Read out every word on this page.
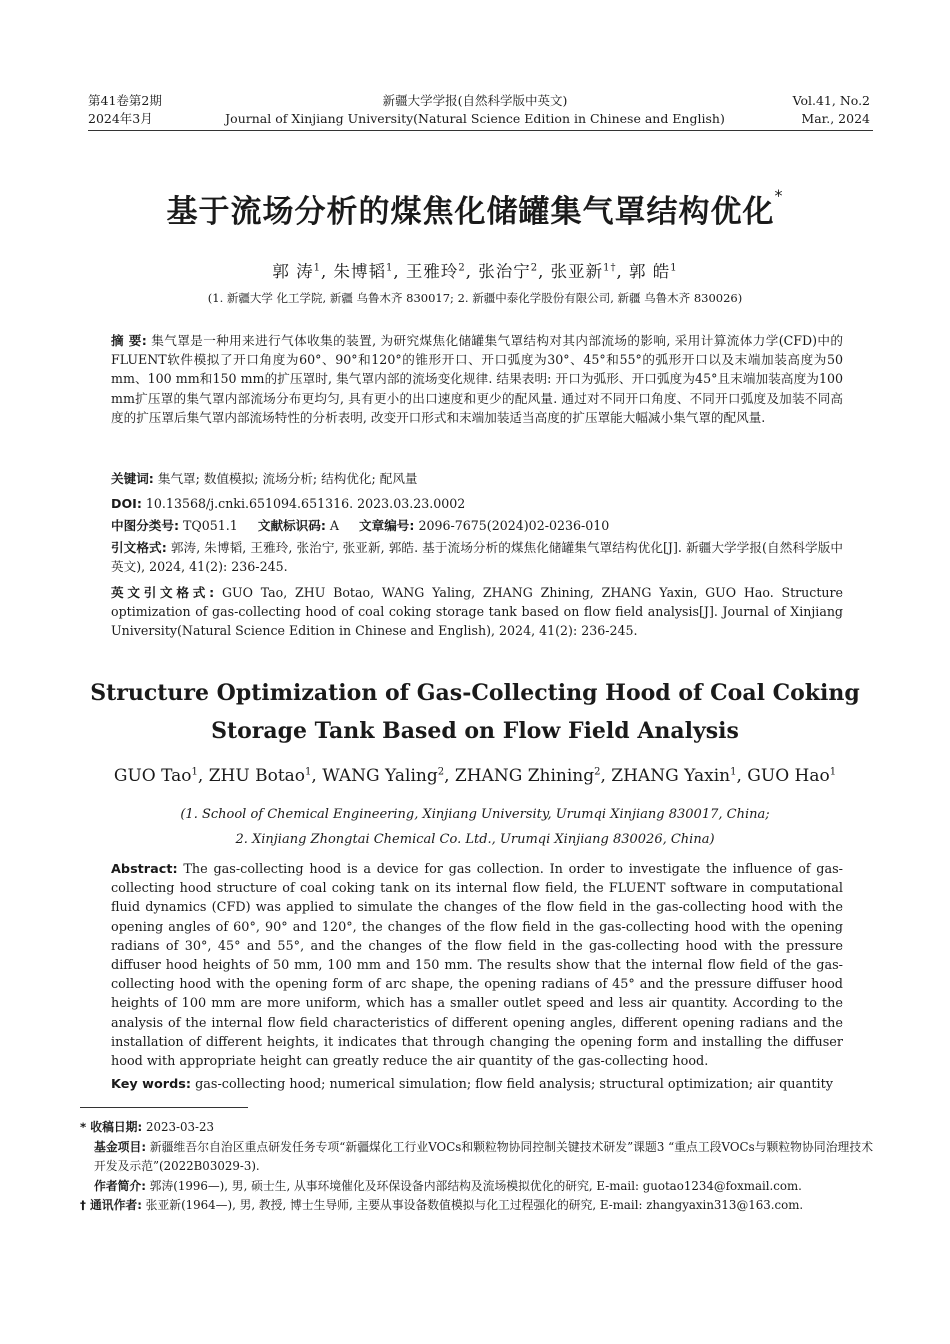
第41卷第2期
2024年3月
新疆大学学报(自然科学版中英文)
Journal of Xinjiang University(Natural Science Edition in Chinese and English)
Vol.41, No.2
Mar., 2024
基于流场分析的煤焦化储罐集气罩结构优化*
郭 涛$^1$, 朱博韬$^1$, 王雅玲$^2$, 张治宁$^2$, 张亚新$^{1\dagger}$, 郭 皓$^1$
(1. 新疆大学 化工学院, 新疆 乌鲁木齐 830017; 2. 新疆中泰化学股份有限公司, 新疆 乌鲁木齐 830026)
摘 要: 集气罩是一种用来进行气体收集的装置, 为研究煤焦化储罐集气罩结构对其内部流场的影响, 采用计算流体力学(CFD)中的FLUENT软件模拟了开口角度为60°、90°和120°的锥形开口、开口弧度为30°、45°和55°的弧形开口以及末端加装高度为50 mm、100 mm和150 mm的扩压罩时, 集气罩内部的流场变化规律. 结果表明: 开口为弧形、开口弧度为45°且末端加装高度为100 mm扩压罩的集气罩内部流场分布更均匀, 具有更小的出口速度和更少的配风量. 通过对不同开口角度、不同开口弧度及加装不同高度的扩压罩后集气罩内部流场特性的分析表明, 改变开口形式和末端加装适当高度的扩压罩能大幅减小集气罩的配风量.
关键词: 集气罩; 数值模拟; 流场分析; 结构优化; 配风量
DOI: 10.13568/j.cnki.651094.651316. 2023.03.23.0002
中图分类号: TQ051.1 文献标识码: A 文章编号: 2096-7675(2024)02-0236-010
引文格式: 郭涛, 朱博韬, 王雅玲, 张治宁, 张亚新, 郭皓. 基于流场分析的煤焦化储罐集气罩结构优化[J]. 新疆大学学报(自然科学版中英文), 2024, 41(2): 236-245.
英文引文格式: GUO Tao, ZHU Botao, WANG Yaling, ZHANG Zhining, ZHANG Yaxin, GUO Hao. Structure optimization of gas-collecting hood of coal coking storage tank based on flow field analysis[J]. Journal of Xinjiang University(Natural Science Edition in Chinese and English), 2024, 41(2): 236-245.
Structure Optimization of Gas-Collecting Hood of Coal Coking
Storage Tank Based on Flow Field Analysis
GUO Tao$^1$, ZHU Botao$^1$, WANG Yaling$^2$, ZHANG Zhining$^2$, ZHANG Yaxin$^1$, GUO Hao$^1$
(1. School of Chemical Engineering, Xinjiang University, Urumqi Xinjiang 830017, China;
2. Xinjiang Zhongtai Chemical Co. Ltd., Urumqi Xinjiang 830026, China)
Abstract: The gas-collecting hood is a device for gas collection. In order to investigate the influence of gas-collecting hood structure of coal coking tank on its internal flow field, the FLUENT software in computational fluid dynamics (CFD) was applied to simulate the changes of the flow field in the gas-collecting hood with the opening angles of 60°, 90° and 120°, the changes of the flow field in the gas-collecting hood with the opening radians of 30°, 45° and 55°, and the changes of the flow field in the gas-collecting hood with the pressure diffuser hood heights of 50 mm, 100 mm and 150 mm. The results show that the internal flow field of the gas-collecting hood with the opening form of arc shape, the opening radians of 45° and the pressure diffuser hood heights of 100 mm are more uniform, which has a smaller outlet speed and less air quantity. According to the analysis of the internal flow field characteristics of different opening angles, different opening radians and the installation of different heights, it indicates that through changing the opening form and installing the diffuser hood with appropriate height can greatly reduce the air quantity of the gas-collecting hood.
Key words: gas-collecting hood; numerical simulation; flow field analysis; structural optimization; air quantity

* 收稿日期: 2023-03-23

基金项目: 新疆维吾尔自治区重点研发任务专项“新疆煤化工行业VOCs和颗粒物协同控制关键技术研发”课题3 “重点工段VOCs与颗粒物协同治理技术开发及示范”(2022B03029-3).

作者简介: 郭涛(1996—), 男, 硕士生, 从事环境催化及环保设备内部结构及流场模拟优化的研究, E-mail: guotao1234@foxmail.com.

† 通讯作者: 张亚新(1964—), 男, 教授, 博士生导师, 主要从事设备数值模拟与化工过程强化的研究, E-mail: zhangyaxin313@163.com.
